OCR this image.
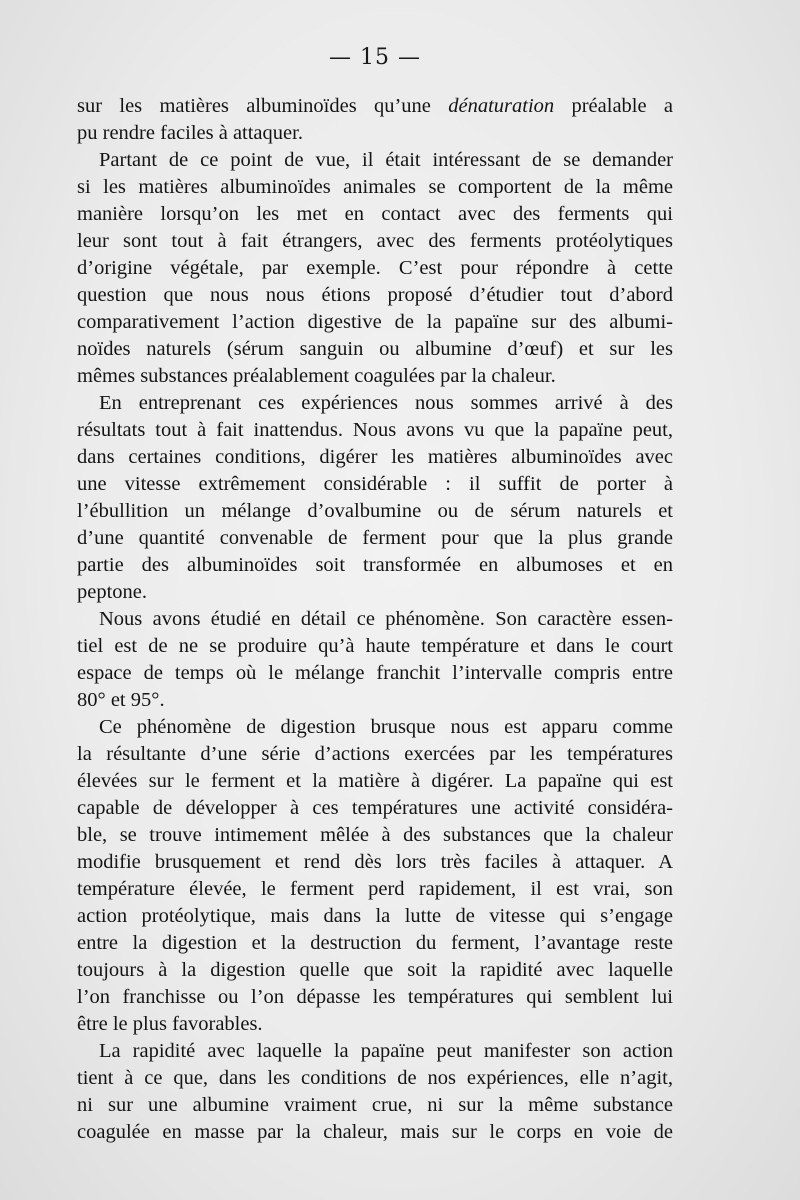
— 15 —
sur les matières albuminoïdes qu’une dénaturation préalable a
pu rendre faciles à attaquer.
Partant de ce point de vue, il était intéressant de se demander
si les matières albuminoïdes animales se comportent de la même
manière lorsqu’on les met en contact avec des ferments qui
leur sont tout à fait étrangers, avec des ferments protéolytiques
d’origine végétale, par exemple. C’est pour répondre à cette
question que nous nous étions proposé d’étudier tout d’abord
comparativement l’action digestive de la papaïne sur des albumi-
noïdes naturels (sérum sanguin ou albumine d’œuf) et sur les
mêmes substances préalablement coagulées par la chaleur.
En entreprenant ces expériences nous sommes arrivé à des
résultats tout à fait inattendus. Nous avons vu que la papaïne peut,
dans certaines conditions, digérer les matières albuminoïdes avec
une vitesse extrêmement considérable : il suffit de porter à
l’ébullition un mélange d’ovalbumine ou de sérum naturels et
d’une quantité convenable de ferment pour que la plus grande
partie des albuminoïdes soit transformée en albumoses et en
peptone.
Nous avons étudié en détail ce phénomène. Son caractère essen-
tiel est de ne se produire qu’à haute température et dans le court
espace de temps où le mélange franchit l’intervalle compris entre
80° et 95°.
Ce phénomène de digestion brusque nous est apparu comme
la résultante d’une série d’actions exercées par les températures
élevées sur le ferment et la matière à digérer. La papaïne qui est
capable de développer à ces températures une activité considéra-
ble, se trouve intimement mêlée à des substances que la chaleur
modifie brusquement et rend dès lors très faciles à attaquer. A
température élevée, le ferment perd rapidement, il est vrai, son
action protéolytique, mais dans la lutte de vitesse qui s’engage
entre la digestion et la destruction du ferment, l’avantage reste
toujours à la digestion quelle que soit la rapidité avec laquelle
l’on franchisse ou l’on dépasse les températures qui semblent lui
être le plus favorables.
La rapidité avec laquelle la papaïne peut manifester son action
tient à ce que, dans les conditions de nos expériences, elle n’agit,
ni sur une albumine vraiment crue, ni sur la même substance
coagulée en masse par la chaleur, mais sur le corps en voie de
